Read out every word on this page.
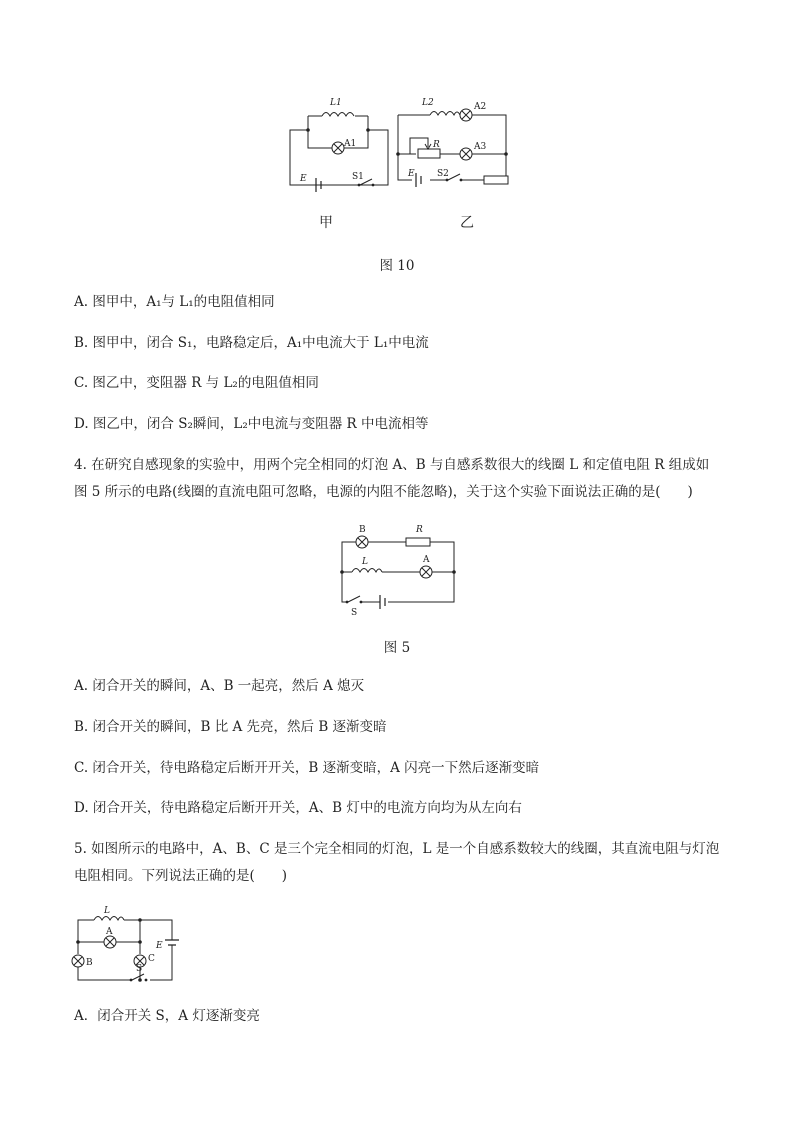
L1
A1
E	S1
L2	A2
R	A3
E S2
甲	乙
图 10
A. 图甲中，A₁与 L₁的电阻值相同
B. 图甲中，闭合 S₁，电路稳定后，A₁中电流大于 L₁中电流
C. 图乙中，变阻器 R 与 L₂的电阻值相同
D. 图乙中，闭合 S₂瞬间，L₂中电流与变阻器 R 中电流相等
4. 在研究自感现象的实验中，用两个完全相同的灯泡 A、B 与自感系数很大的线圈 L 和定值电阻 R 组成如
图 5 所示的电路(线圈的直流电阻可忽略，电源的内阻不能忽略)，关于这个实验下面说法正确的是(　　)
B	R
L	A
S
图 5
A. 闭合开关的瞬间，A、B 一起亮，然后 A 熄灭
B. 闭合开关的瞬间，B 比 A 先亮，然后 B 逐渐变暗
C. 闭合开关，待电路稳定后断开开关，B 逐渐变暗，A 闪亮一下然后逐渐变暗
D. 闭合开关，待电路稳定后断开开关，A、B 灯中的电流方向均为从左向右
5. 如图所示的电路中，A、B、C 是三个完全相同的灯泡，L 是一个自感系数较大的线圈，其直流电阻与灯泡
电阻相同。下列说法正确的是(　　)
L
A
B	C
E
S
A．闭合开关 S，A 灯逐渐变亮
